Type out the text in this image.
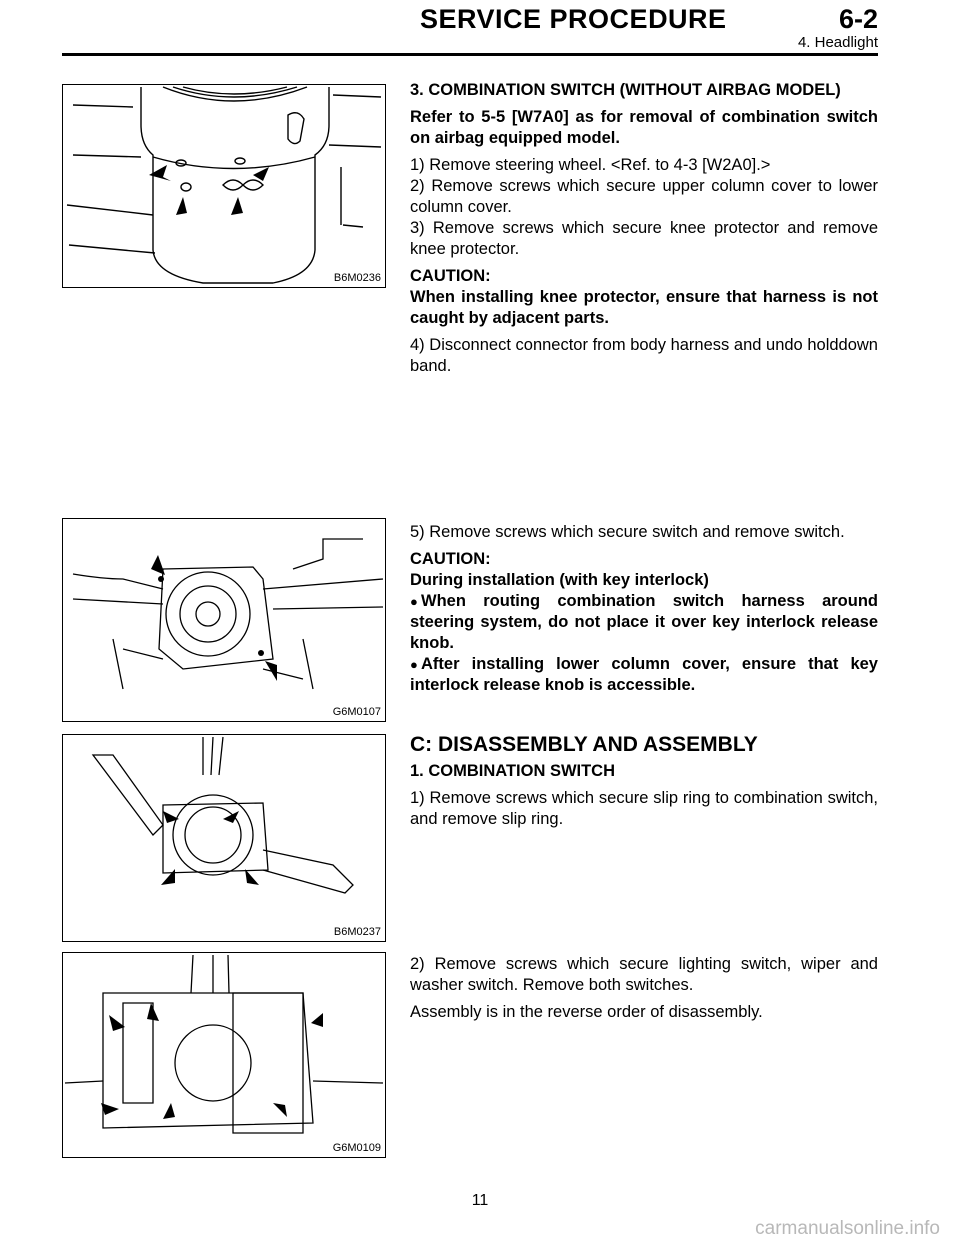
SERVICE PROCEDURE	6-2
4. Headlight
B6M0236

3. COMBINATION SWITCH (WITHOUT AIRBAG MODEL)

Refer to 5-5 [W7A0] as for removal of combination switch on airbag equipped model.

1) Remove steering wheel. <Ref. to 4-3 [W2A0].>

2) Remove screws which secure upper column cover to lower column cover.

3) Remove screws which secure knee protector and remove knee protector.

CAUTION:

When installing knee protector, ensure that harness is not caught by adjacent parts.

4) Disconnect connector from body harness and undo holddown band.

G6M0107

5) Remove screws which secure switch and remove switch.

CAUTION:

During installation (with key interlock)

● When routing combination switch harness around steering system, do not place it over key interlock release knob.

● After installing lower column cover, ensure that key interlock release knob is accessible.

B6M0237

C: DISASSEMBLY AND ASSEMBLY

1. COMBINATION SWITCH

1) Remove screws which secure slip ring to combination switch, and remove slip ring.

G6M0109

2) Remove screws which secure lighting switch, wiper and washer switch. Remove both switches.

Assembly is in the reverse order of disassembly.

11
carmanualsonline.info
